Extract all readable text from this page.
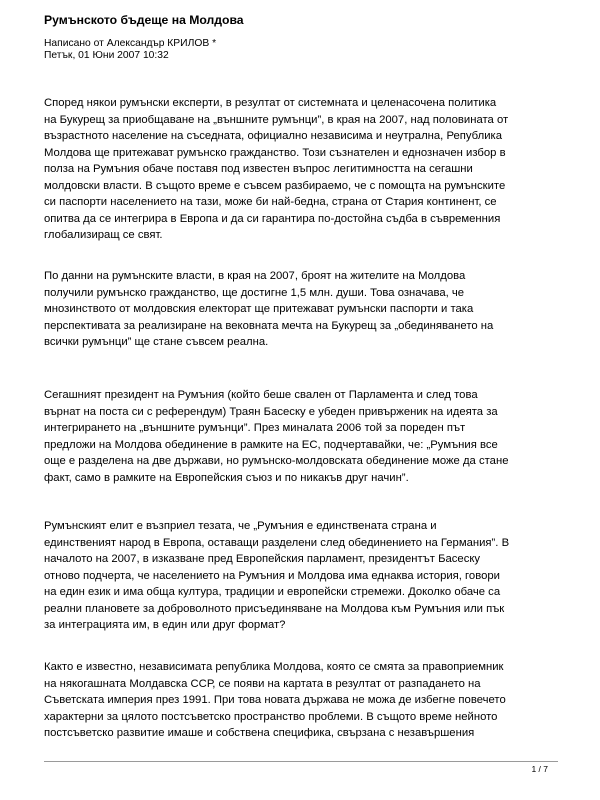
Румънското бъдеще на Молдова
Написано от Александър КРИЛОВ *
Петък, 01 Юни 2007 10:32
Според някои румънски експерти, в резултат от системната и целенасочена политика
на Букурещ за приобщаване на „външните румънци”, в края на 2007, над половината от
възрастното население на съседната, официално независима и неутрална, Република
Молдова ще притежават румънско гражданство. Този съзнателен и еднозначен избор в
полза на Румъния обаче поставя под известен въпрос легитимността на сегашни
молдовски власти. В същото време е съвсем разбираемо, че с помощта на румънските
си паспорти населението на тази, може би най-бедна, страна от Стария континент, се
опитва да се интегрира в Европа и да си гарантира по-достойна съдба в съвременния
глобализиращ се свят.
По данни на румънските власти, в края на 2007, броят на жителите на Молдова
получили румънско гражданство, ще достигне 1,5 млн. души. Това означава, че
мнозинството от молдовския електорат ще притежават румънски паспорти и така
перспективата за реализиране на вековната мечта на Букурещ за „обединяването на
всички румънци” ще стане съвсем реална.
Сегашният президент на Румъния (който беше свален от Парламента и след това
върнат на поста си с референдум) Траян Басеску е убеден привърженик на идеята за
интегрирането на „външните румънци”. През миналата 2006 той за пореден път
предложи на Молдова обединение в рамките на ЕС, подчертавайки, че: „Румъния все
още е разделена на две държави, но румънско-молдовската обединение може да стане
факт, само в рамките на Европейския съюз и по никакъв друг начин”.
Румънският елит е възприел тезата, че „Румъния е единствената страна и
единственият народ в Европа, оставащи разделени след обединението на Германия”. В
началото на 2007, в изказване пред Европейския парламент, президентът Басеску
отново подчерта, че населението на Румъния и Молдова има еднаква история, говори
на един език и има обща култура, традиции и европейски стремежи. Доколко обаче са
реални плановете за доброволното присъединяване на Молдова към Румъния или пък
за интеграцията им, в един или друг формат?
Както е известно, независимата република Молдова, която се смята за правоприемник
на някогашната Молдавска ССР, се появи на картата в резултат от разпадането на
Съветската империя през 1991. При това новата държава не можа де избегне повечето
характерни за цялото постсъветско пространство проблеми. В същото време нейното
постсъветско развитие имаше и собствена специфика, свързана с незавършения
1 / 7
